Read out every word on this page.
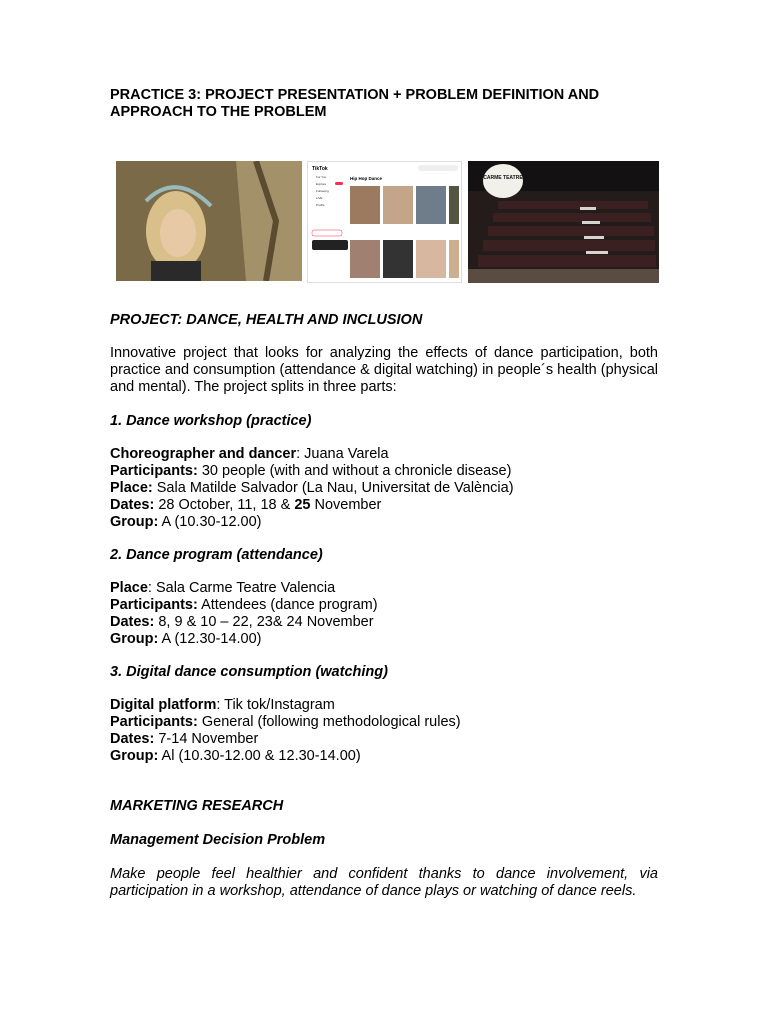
PRACTICE 3: PROJECT PRESENTATION + PROBLEM DEFINITION AND APPROACH TO THE PROBLEM
TikTok
For You
Explore
Following
LIVE
Profile
Hip Hop Dance	CARME TEATRE
PROJECT: DANCE, HEALTH AND INCLUSION
Innovative project that looks for analyzing the effects of dance participation, both practice and consumption (attendance & digital watching) in people´s health (physical and mental). The project splits in three parts:
1. Dance workshop (practice)
Choreographer and dancer: Juana Varela
Participants: 30 people (with and without a chronicle disease)
Place: Sala Matilde Salvador (La Nau, Universitat de València)
Dates: 28 October, 11, 18 & 25 November
Group: A (10.30-12.00)
2. Dance program (attendance)
Place: Sala Carme Teatre Valencia
Participants: Attendees (dance program)
Dates: 8, 9 & 10 – 22, 23& 24 November
Group: A (12.30-14.00)
3. Digital dance consumption (watching)
Digital platform: Tik tok/Instagram
Participants: General (following methodological rules)
Dates: 7-14 November
Group: Al (10.30-12.00 & 12.30-14.00)
MARKETING RESEARCH
Management Decision Problem
Make people feel healthier and confident thanks to dance involvement, via participation in a workshop, attendance of dance plays or watching of dance reels.
